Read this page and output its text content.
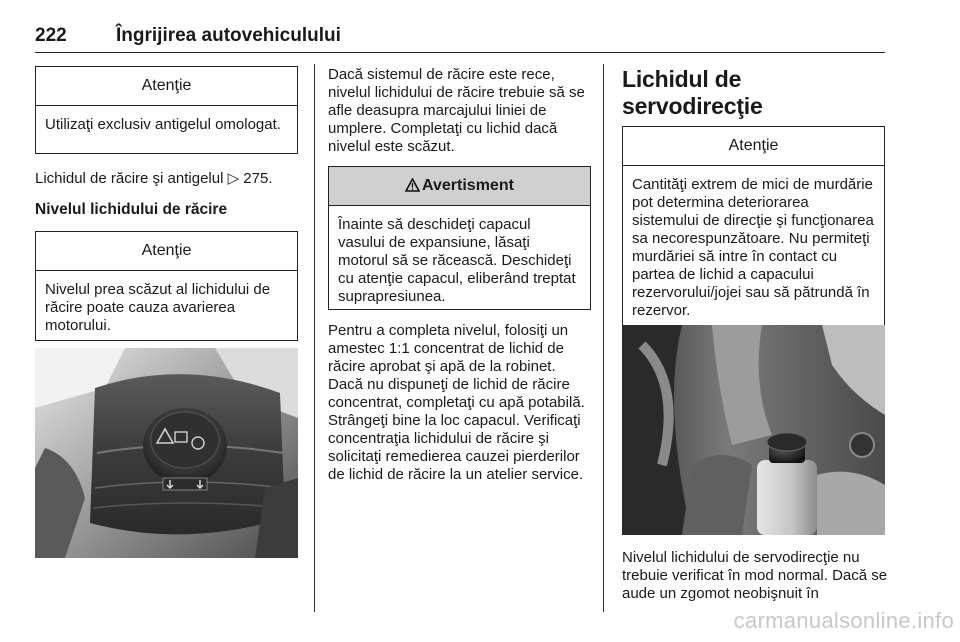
222	Îngrijirea autovehiculului
Atenţie
Utilizaţi exclusiv antigelul omologat.

Lichidul de răcire şi antigelul ▷ 275.

Nivelul lichidului de răcire

Atenţie
Nivelul prea scăzut al lichidului de răcire poate cauza avarierea motorului.

Dacă sistemul de răcire este rece, nivelul lichidului de răcire trebuie să se afle deasupra marcajului liniei de umplere. Completaţi cu lichid dacă nivelul este scăzut.

Avertisment
Înainte să deschideţi capacul vasului de expansiune, lăsaţi motorul să se răcească. Deschideţi cu atenţie capacul, eliberând treptat suprapresiunea.

Pentru a completa nivelul, folosiţi un amestec 1:1 concentrat de lichid de răcire aprobat şi apă de la robinet. Dacă nu dispuneţi de lichid de răcire concentrat, completaţi cu apă potabilă. Strângeţi bine la loc capacul. Verificaţi concentraţia lichidului de răcire şi solicitaţi remedierea cauzei pierderilor de lichid de răcire la un atelier service.

Lichidul de servodirecţie

Atenţie
Cantităţi extrem de mici de murdărie pot determina deteriorarea sistemului de direcţie şi funcţionarea sa necorespunzătoare. Nu permiteţi murdăriei să intre în contact cu partea de lichid a capacului rezervorului/jojei sau să pătrundă în rezervor.

Nivelul lichidului de servodirecţie nu trebuie verificat în mod normal. Dacă se aude un zgomot neobişnuit în

carmanualsonline.info
